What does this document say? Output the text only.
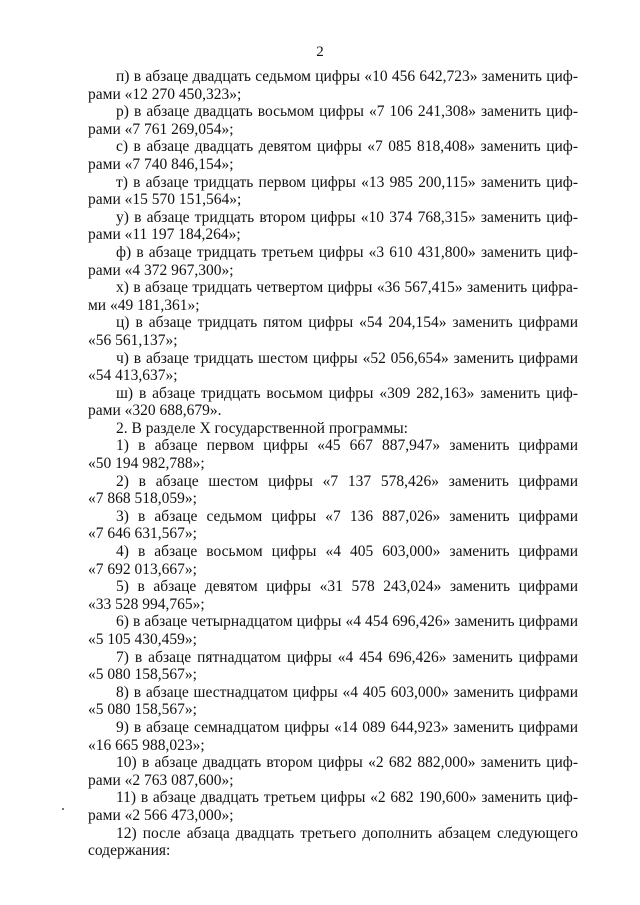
2

п) в абзаце двадцать седьмом цифры «10 456 642,723» заменить циф-
рами «12 270 450,323»;

р) в абзаце двадцать восьмом цифры «7 106 241,308» заменить циф-
рами «7 761 269,054»;

с) в абзаце двадцать девятом цифры «7 085 818,408» заменить циф-
рами «7 740 846,154»;

т) в абзаце тридцать первом цифры «13 985 200,115» заменить циф-
рами «15 570 151,564»;

у) в абзаце тридцать втором цифры «10 374 768,315» заменить циф-
рами «11 197 184,264»;

ф) в абзаце тридцать третьем цифры «3 610 431,800» заменить циф-
рами «4 372 967,300»;

х) в абзаце тридцать четвертом цифры «36 567,415» заменить цифра-
ми «49 181,361»;

ц) в абзаце тридцать пятом цифры «54 204,154» заменить цифрами
«56 561,137»;

ч) в абзаце тридцать шестом цифры «52 056,654» заменить цифрами
«54 413,637»;

ш) в абзаце тридцать восьмом цифры «309 282,163» заменить циф-
рами «320 688,679».

2. В разделе X государственной программы:

1) в абзаце первом цифры «45 667 887,947» заменить цифрами
«50 194 982,788»;

2) в абзаце шестом цифры «7 137 578,426» заменить цифрами
«7 868 518,059»;

3) в абзаце седьмом цифры «7 136 887,026» заменить цифрами
«7 646 631,567»;

4) в абзаце восьмом цифры «4 405 603,000» заменить цифрами
«7 692 013,667»;

5) в абзаце девятом цифры «31 578 243,024» заменить цифрами
«33 528 994,765»;

6) в абзаце четырнадцатом цифры «4 454 696,426» заменить цифрами
«5 105 430,459»;

7) в абзаце пятнадцатом цифры «4 454 696,426» заменить цифрами
«5 080 158,567»;

8) в абзаце шестнадцатом цифры «4 405 603,000» заменить цифрами
«5 080 158,567»;

9) в абзаце семнадцатом цифры «14 089 644,923» заменить цифрами
«16 665 988,023»;

10) в абзаце двадцать втором цифры «2 682 882,000» заменить циф-
рами «2 763 087,600»;

11) в абзаце двадцать третьем цифры «2 682 190,600» заменить циф-
рами «2 566 473,000»;

12) после абзаца двадцать третьего дополнить абзацем следующего
содержания:
